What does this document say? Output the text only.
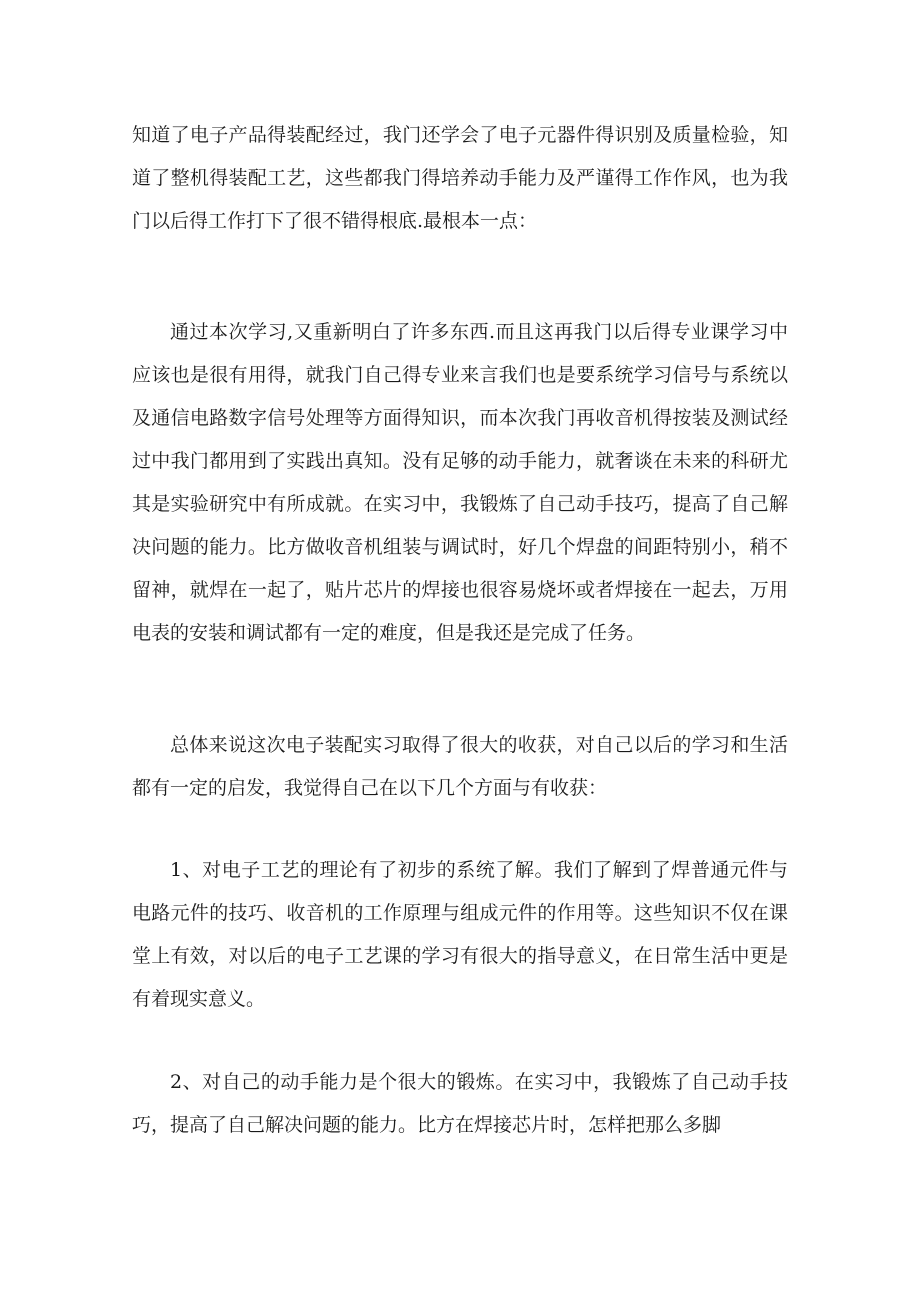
知道了电子产品得装配经过，我门还学会了电子元器件得识别及质量检验，知道了整机得装配工艺，这些都我门得培养动手能力及严谨得工作作风，也为我门以后得工作打下了很不错得根底.最根本一点：

通过本次学习,又重新明白了许多东西.而且这再我门以后得专业课学习中应该也是很有用得，就我门自己得专业来言我们也是要系统学习信号与系统以及通信电路数字信号处理等方面得知识，而本次我门再收音机得按装及测试经过中我门都用到了实践出真知。没有足够的动手能力，就奢谈在未来的科研尤其是实验研究中有所成就。在实习中，我锻炼了自己动手技巧，提高了自己解决问题的能力。比方做收音机组装与调试时，好几个焊盘的间距特别小，稍不留神，就焊在一起了，贴片芯片的焊接也很容易烧坏或者焊接在一起去，万用电表的安装和调试都有一定的难度，但是我还是完成了任务。

总体来说这次电子装配实习取得了很大的收获，对自己以后的学习和生活都有一定的启发，我觉得自己在以下几个方面与有收获：

1、对电子工艺的理论有了初步的系统了解。我们了解到了焊普通元件与电路元件的技巧、收音机的工作原理与组成元件的作用等。这些知识不仅在课堂上有效，对以后的电子工艺课的学习有很大的指导意义，在日常生活中更是有着现实意义。

2、对自己的动手能力是个很大的锻炼。在实习中，我锻炼了自己动手技巧，提高了自己解决问题的能力。比方在焊接芯片时，怎样把那么多脚
